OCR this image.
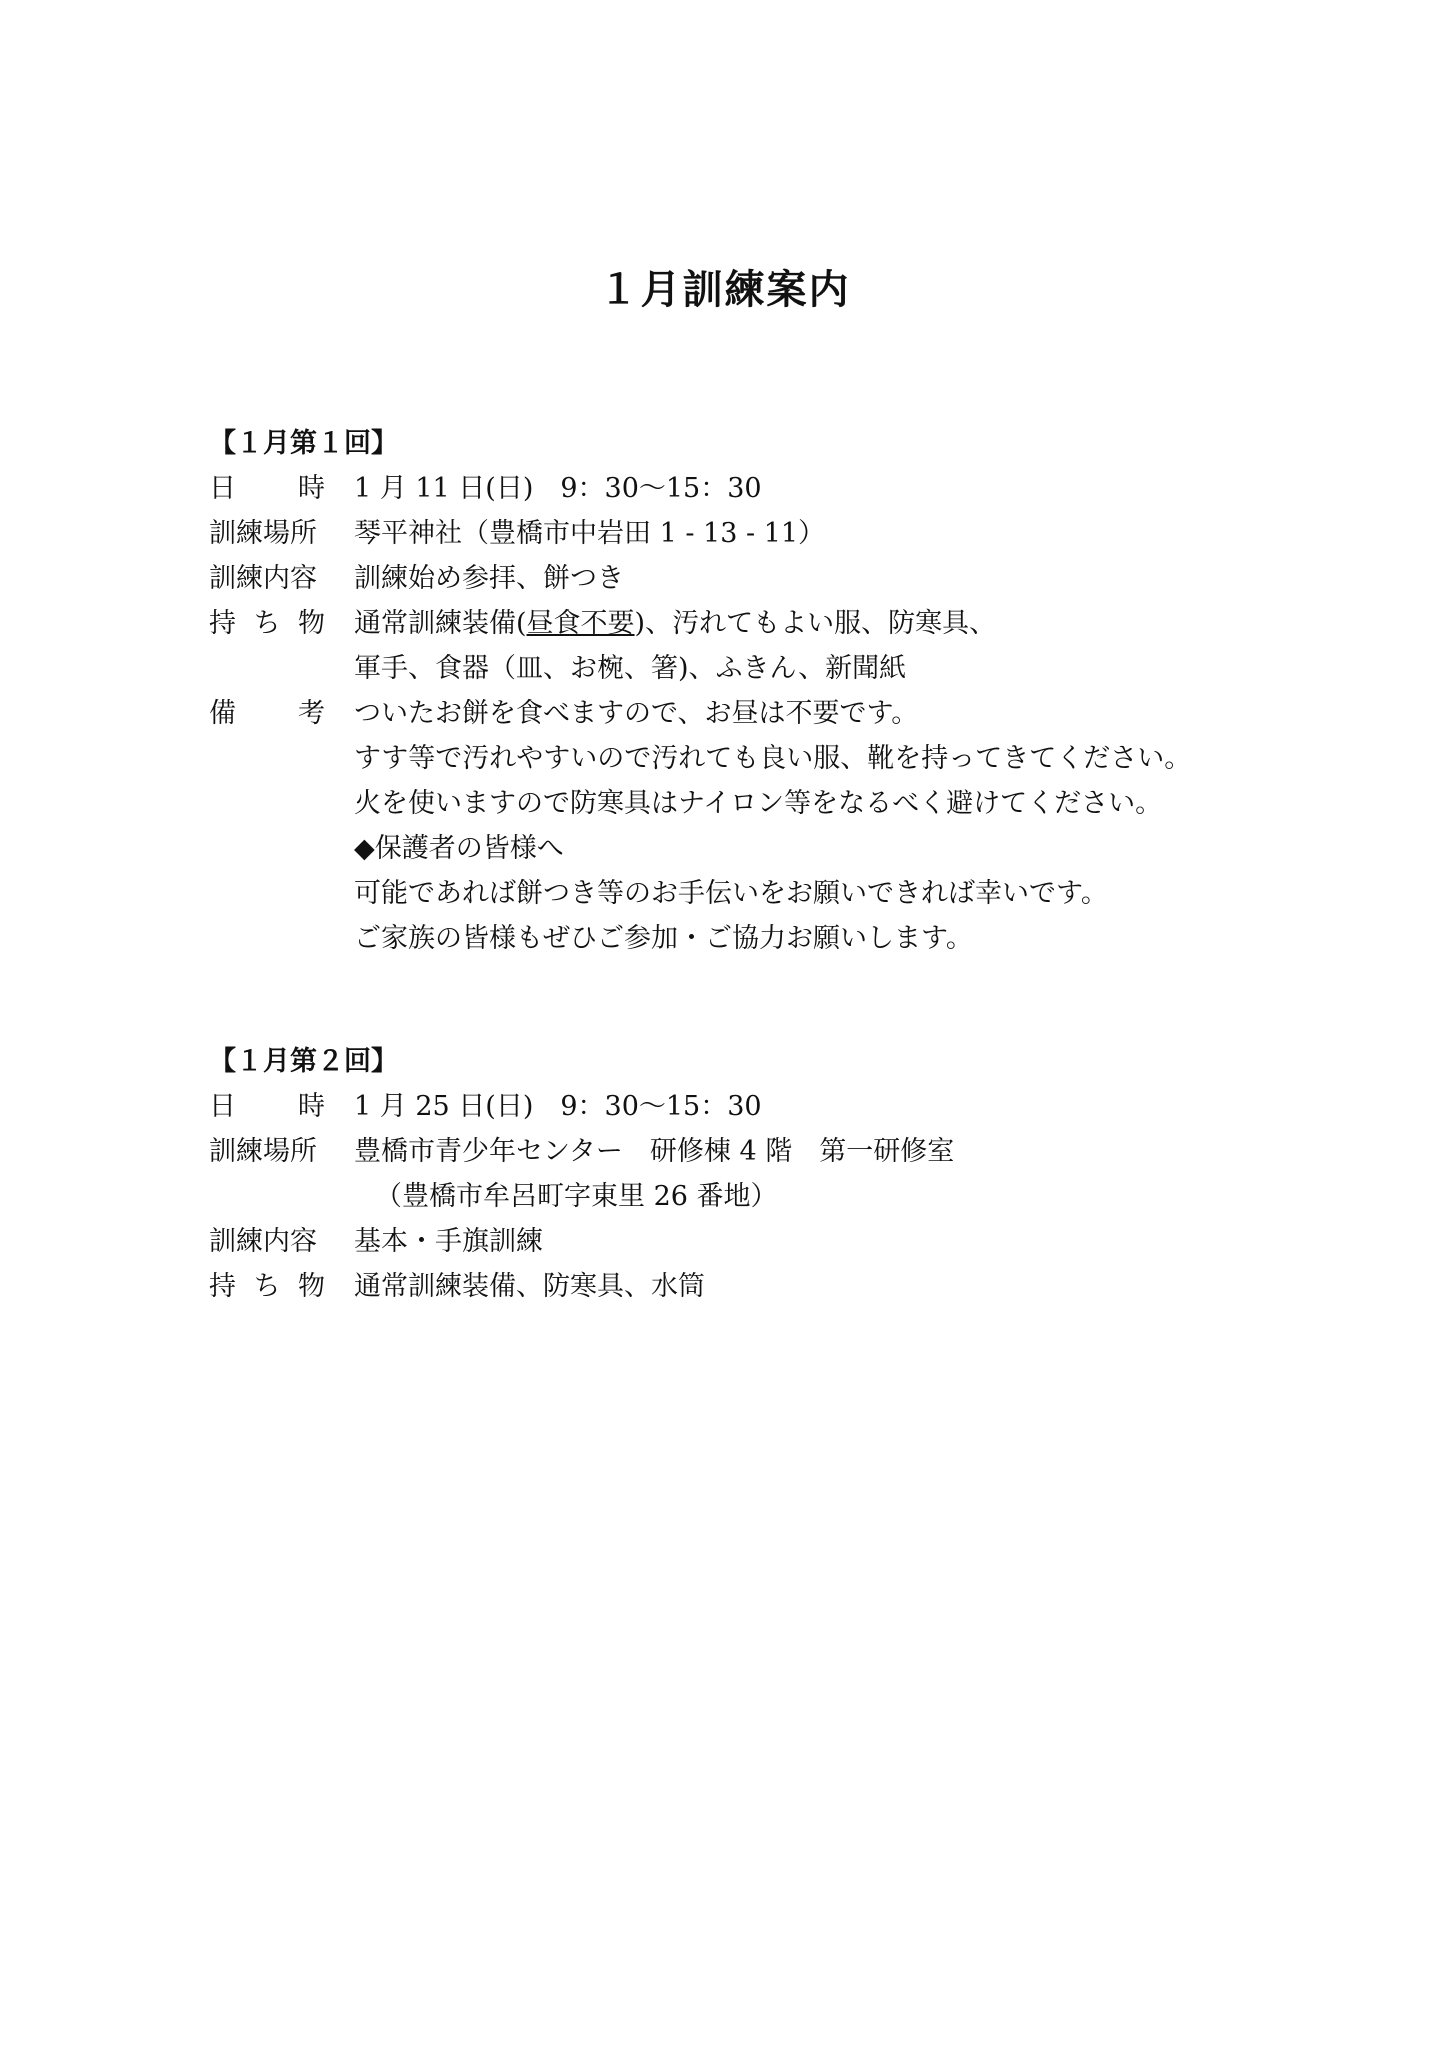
１月訓練案内
【１月第１回】
日 時 1 月 11 日(日)　9：30〜15：30
訓練場所 琴平神社（豊橋市中岩田 1 - 13 - 11）
訓練内容 訓練始め参拝、餅つき
持 ち 物 通常訓練装備(昼食不要)、汚れてもよい服、防寒具、
軍手、食器（皿、お椀、箸)、ふきん、新聞紙
備 考 ついたお餅を食べますので、お昼は不要です。
すす等で汚れやすいので汚れても良い服、靴を持ってきてください。
火を使いますので防寒具はナイロン等をなるべく避けてください。
◆保護者の皆様へ
可能であれば餅つき等のお手伝いをお願いできれば幸いです。
ご家族の皆様もぜひご参加・ご協力お願いします。
【１月第２回】
日 時 1 月 25 日(日)　9：30〜15：30
訓練場所 豊橋市青少年センター　研修棟 4 階　第一研修室
（豊橋市牟呂町字東里 26 番地）
訓練内容 基本・手旗訓練
持 ち 物 通常訓練装備、防寒具、水筒
